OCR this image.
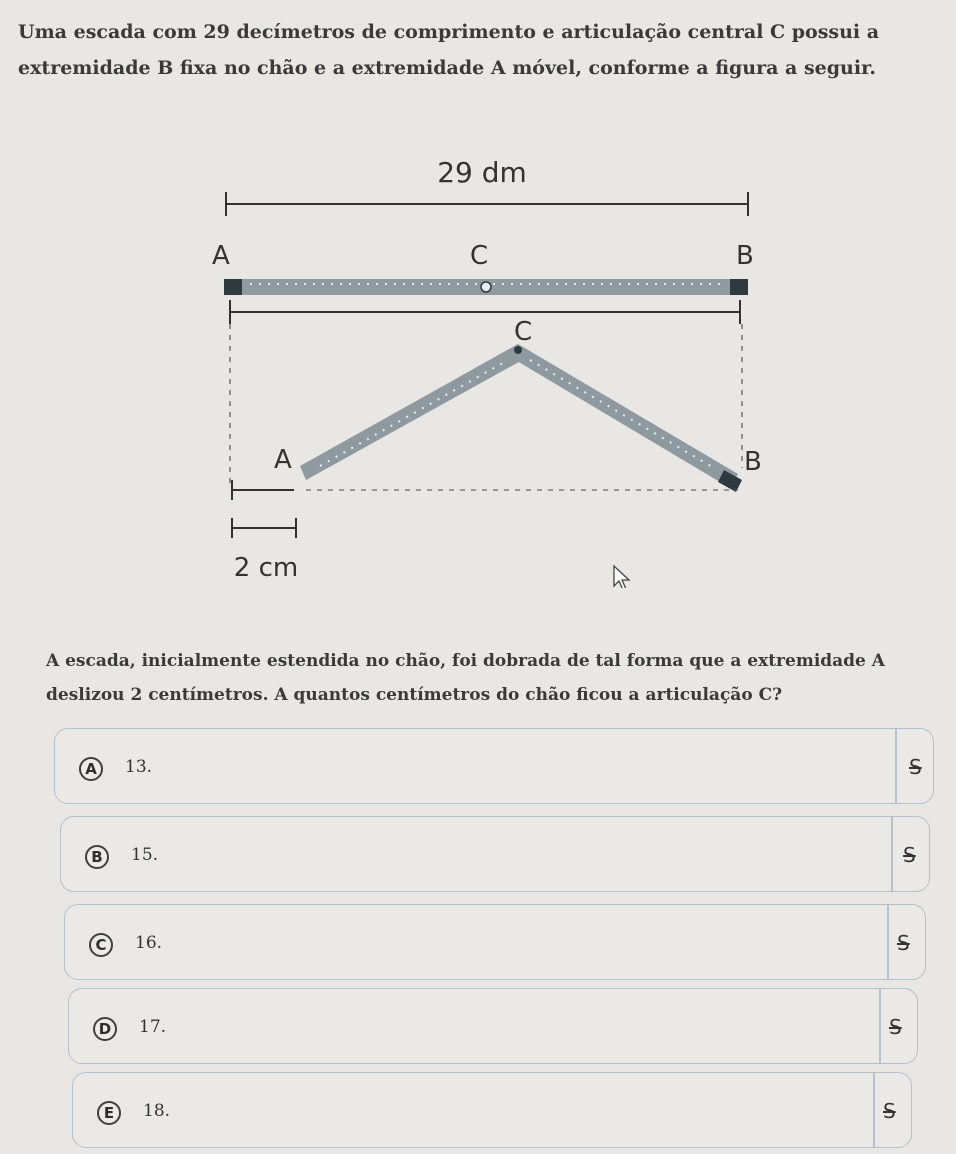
Uma escada com 29 decímetros de comprimento e articulação central C possui a extremidade B fixa no chão e a extremidade A móvel, conforme a figura a seguir.
29 dm
A	C	B
C
A	B
2 cm
A escada, inicialmente estendida no chão, foi dobrada de tal forma que a extremidade A deslizou 2 centímetros. A quantos centímetros do chão ficou a articulação C?
A	13.	S
B	15.	S
C	16.	S
D	17.	S
E	18.	S
